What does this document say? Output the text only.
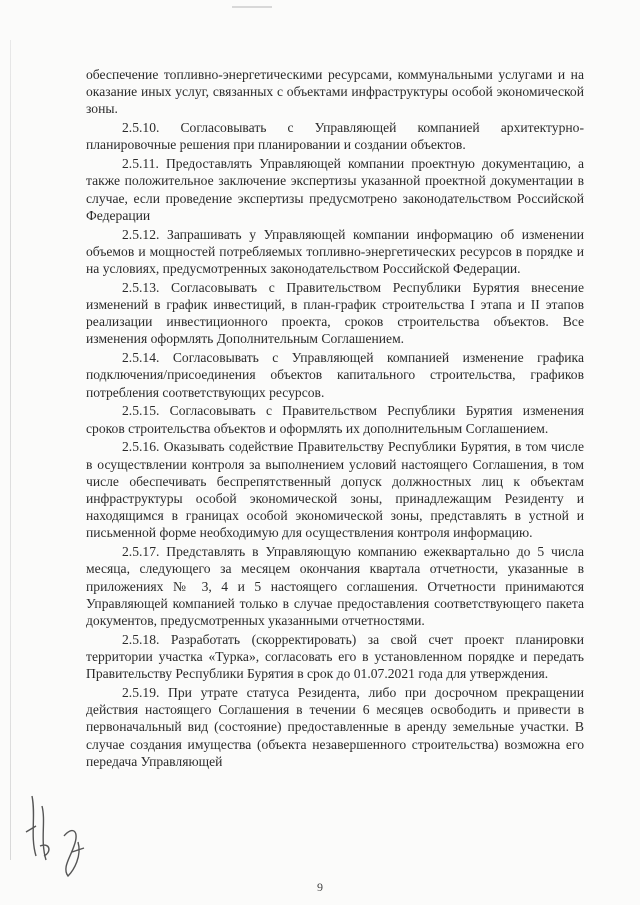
обеспечение топливно-энергетическими ресурсами, коммунальными услугами и на оказание иных услуг, связанных с объектами инфраструктуры особой экономической зоны.

2.5.10. Согласовывать с Управляющей компанией архитектурно-планировочные решения при планировании и создании объектов.

2.5.11. Предоставлять Управляющей компании проектную документацию, а также положительное заключение экспертизы указанной проектной документации в случае, если проведение экспертизы предусмотрено законодательством Российской Федерации

2.5.12. Запрашивать у Управляющей компании информацию об изменении объемов и мощностей потребляемых топливно-энергетических ресурсов в порядке и на условиях, предусмотренных законодательством Российской Федерации.

2.5.13. Согласовывать с Правительством Республики Бурятия внесение изменений в график инвестиций, в план-график строительства I этапа и II этапов реализации инвестиционного проекта, сроков строительства объектов. Все изменения оформлять Дополнительным Соглашением.

2.5.14. Согласовывать с Управляющей компанией изменение графика подключения/присоединения объектов капитального строительства, графиков потребления соответствующих ресурсов.

2.5.15. Согласовывать с Правительством Республики Бурятия изменения сроков строительства объектов и оформлять их дополнительным Соглашением.

2.5.16. Оказывать содействие Правительству Республики Бурятия, в том числе в осуществлении контроля за выполнением условий настоящего Соглашения, в том числе обеспечивать беспрепятственный допуск должностных лиц к объектам инфраструктуры особой экономической зоны, принадлежащим Резиденту и находящимся в границах особой экономической зоны, представлять в устной и письменной форме необходимую для осуществления контроля информацию.

2.5.17. Представлять в Управляющую компанию ежеквартально до 5 числа месяца, следующего за месяцем окончания квартала отчетности, указанные в приложениях № 3, 4 и 5 настоящего соглашения. Отчетности принимаются Управляющей компанией только в случае предоставления соответствующего пакета документов, предусмотренных указанными отчетностями.

2.5.18. Разработать (скорректировать) за свой счет проект планировки территории участка «Турка», согласовать его в установленном порядке и передать Правительству Республики Бурятия в срок до 01.07.2021 года для утверждения.

2.5.19. При утрате статуса Резидента, либо при досрочном прекращении действия настоящего Соглашения в течении 6 месяцев освободить и привести в первоначальный вид (состояние) предоставленные в аренду земельные участки. В случае создания имущества (объекта незавершенного строительства) возможна его передача Управляющей

9
